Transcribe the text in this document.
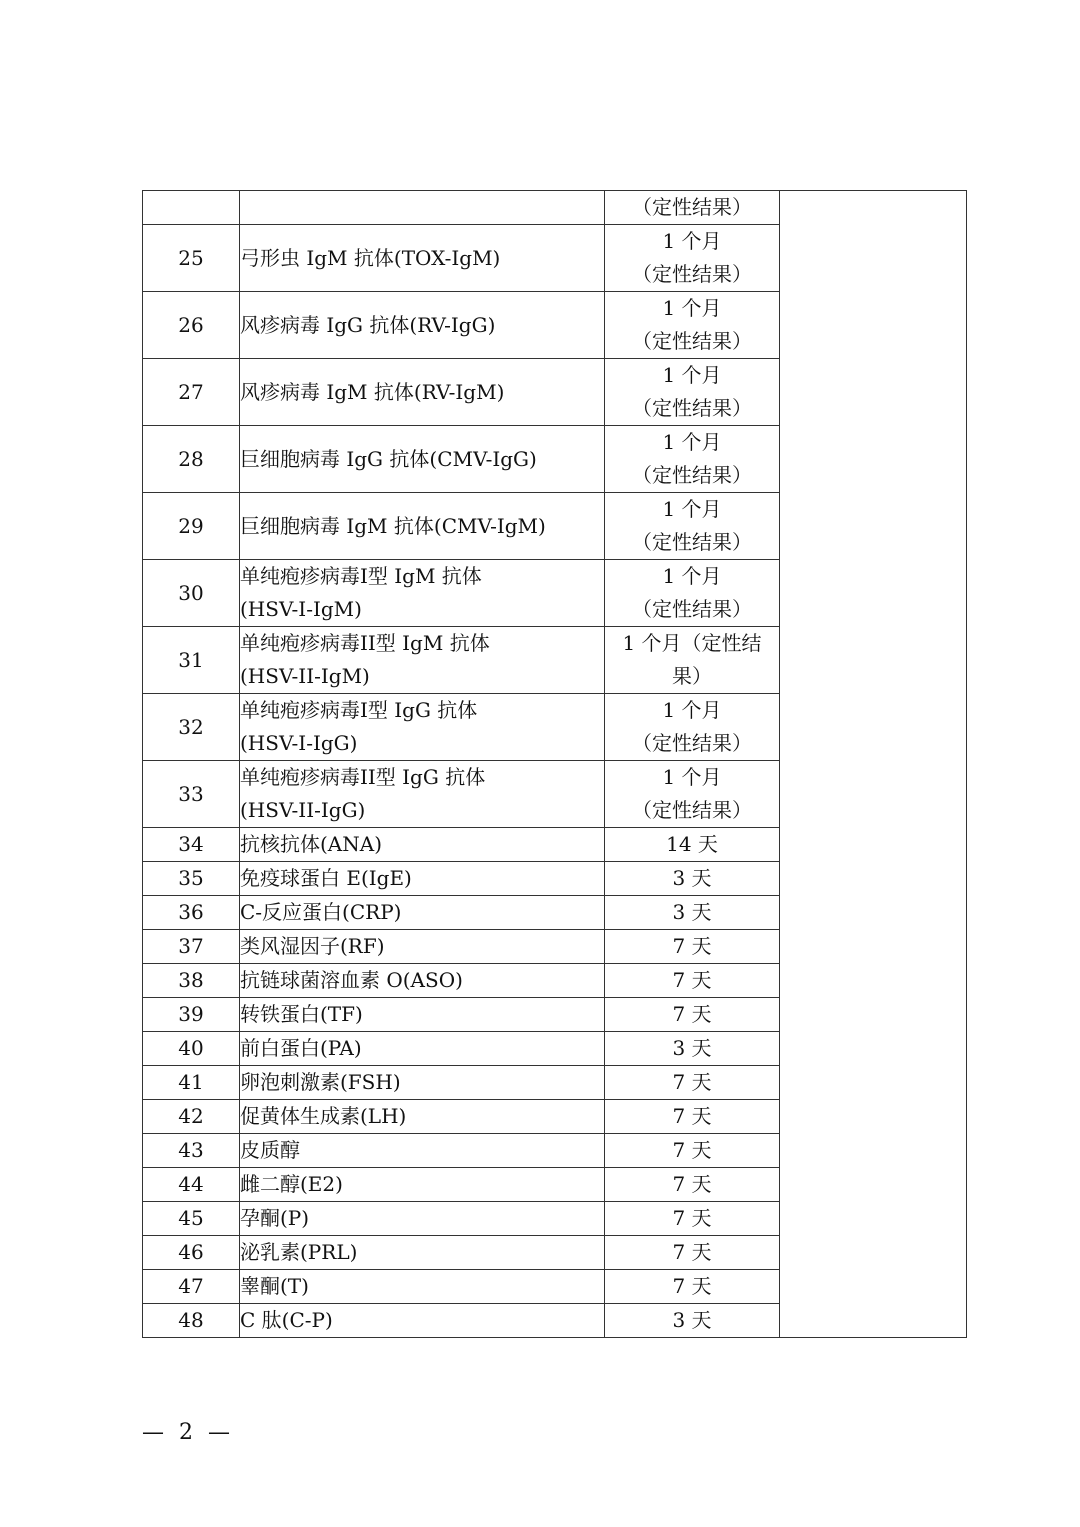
		（定性结果）	

25	弓形虫 IgM 抗体(TOX-IgM)	1 个月
（定性结果）	

26	风疹病毒 IgG 抗体(RV-IgG)	1 个月
（定性结果）	

27	风疹病毒 IgM 抗体(RV-IgM)	1 个月
（定性结果）	

28	巨细胞病毒 IgG 抗体(CMV-IgG)	1 个月
（定性结果）	

29	巨细胞病毒 IgM 抗体(CMV-IgM)	1 个月
（定性结果）	

30	单纯疱疹病毒I型 IgM 抗体
(HSV-I-IgM)	1 个月
（定性结果）	

31	单纯疱疹病毒II型 IgM 抗体
(HSV-II-IgM)	1 个月（定性结
果）	

32	单纯疱疹病毒I型 IgG 抗体
(HSV-I-IgG)	1 个月
（定性结果）	

33	单纯疱疹病毒II型 IgG 抗体
(HSV-II-IgG)	1 个月
（定性结果）	

34	抗核抗体(ANA)	14 天	

35	免疫球蛋白 E(IgE)	3 天	

36	C-反应蛋白(CRP)	3 天	

37	类风湿因子(RF)	7 天	

38	抗链球菌溶血素 O(ASO)	7 天	

39	转铁蛋白(TF)	7 天	

40	前白蛋白(PA)	3 天	

41	卵泡刺激素(FSH)	7 天	

42	促黄体生成素(LH)	7 天	

43	皮质醇	7 天	

44	雌二醇(E2)	7 天	

45	孕酮(P)	7 天	

46	泌乳素(PRL)	7 天	

47	睾酮(T)	7 天	

48	C 肽(C-P)	3 天	
— 2 —
